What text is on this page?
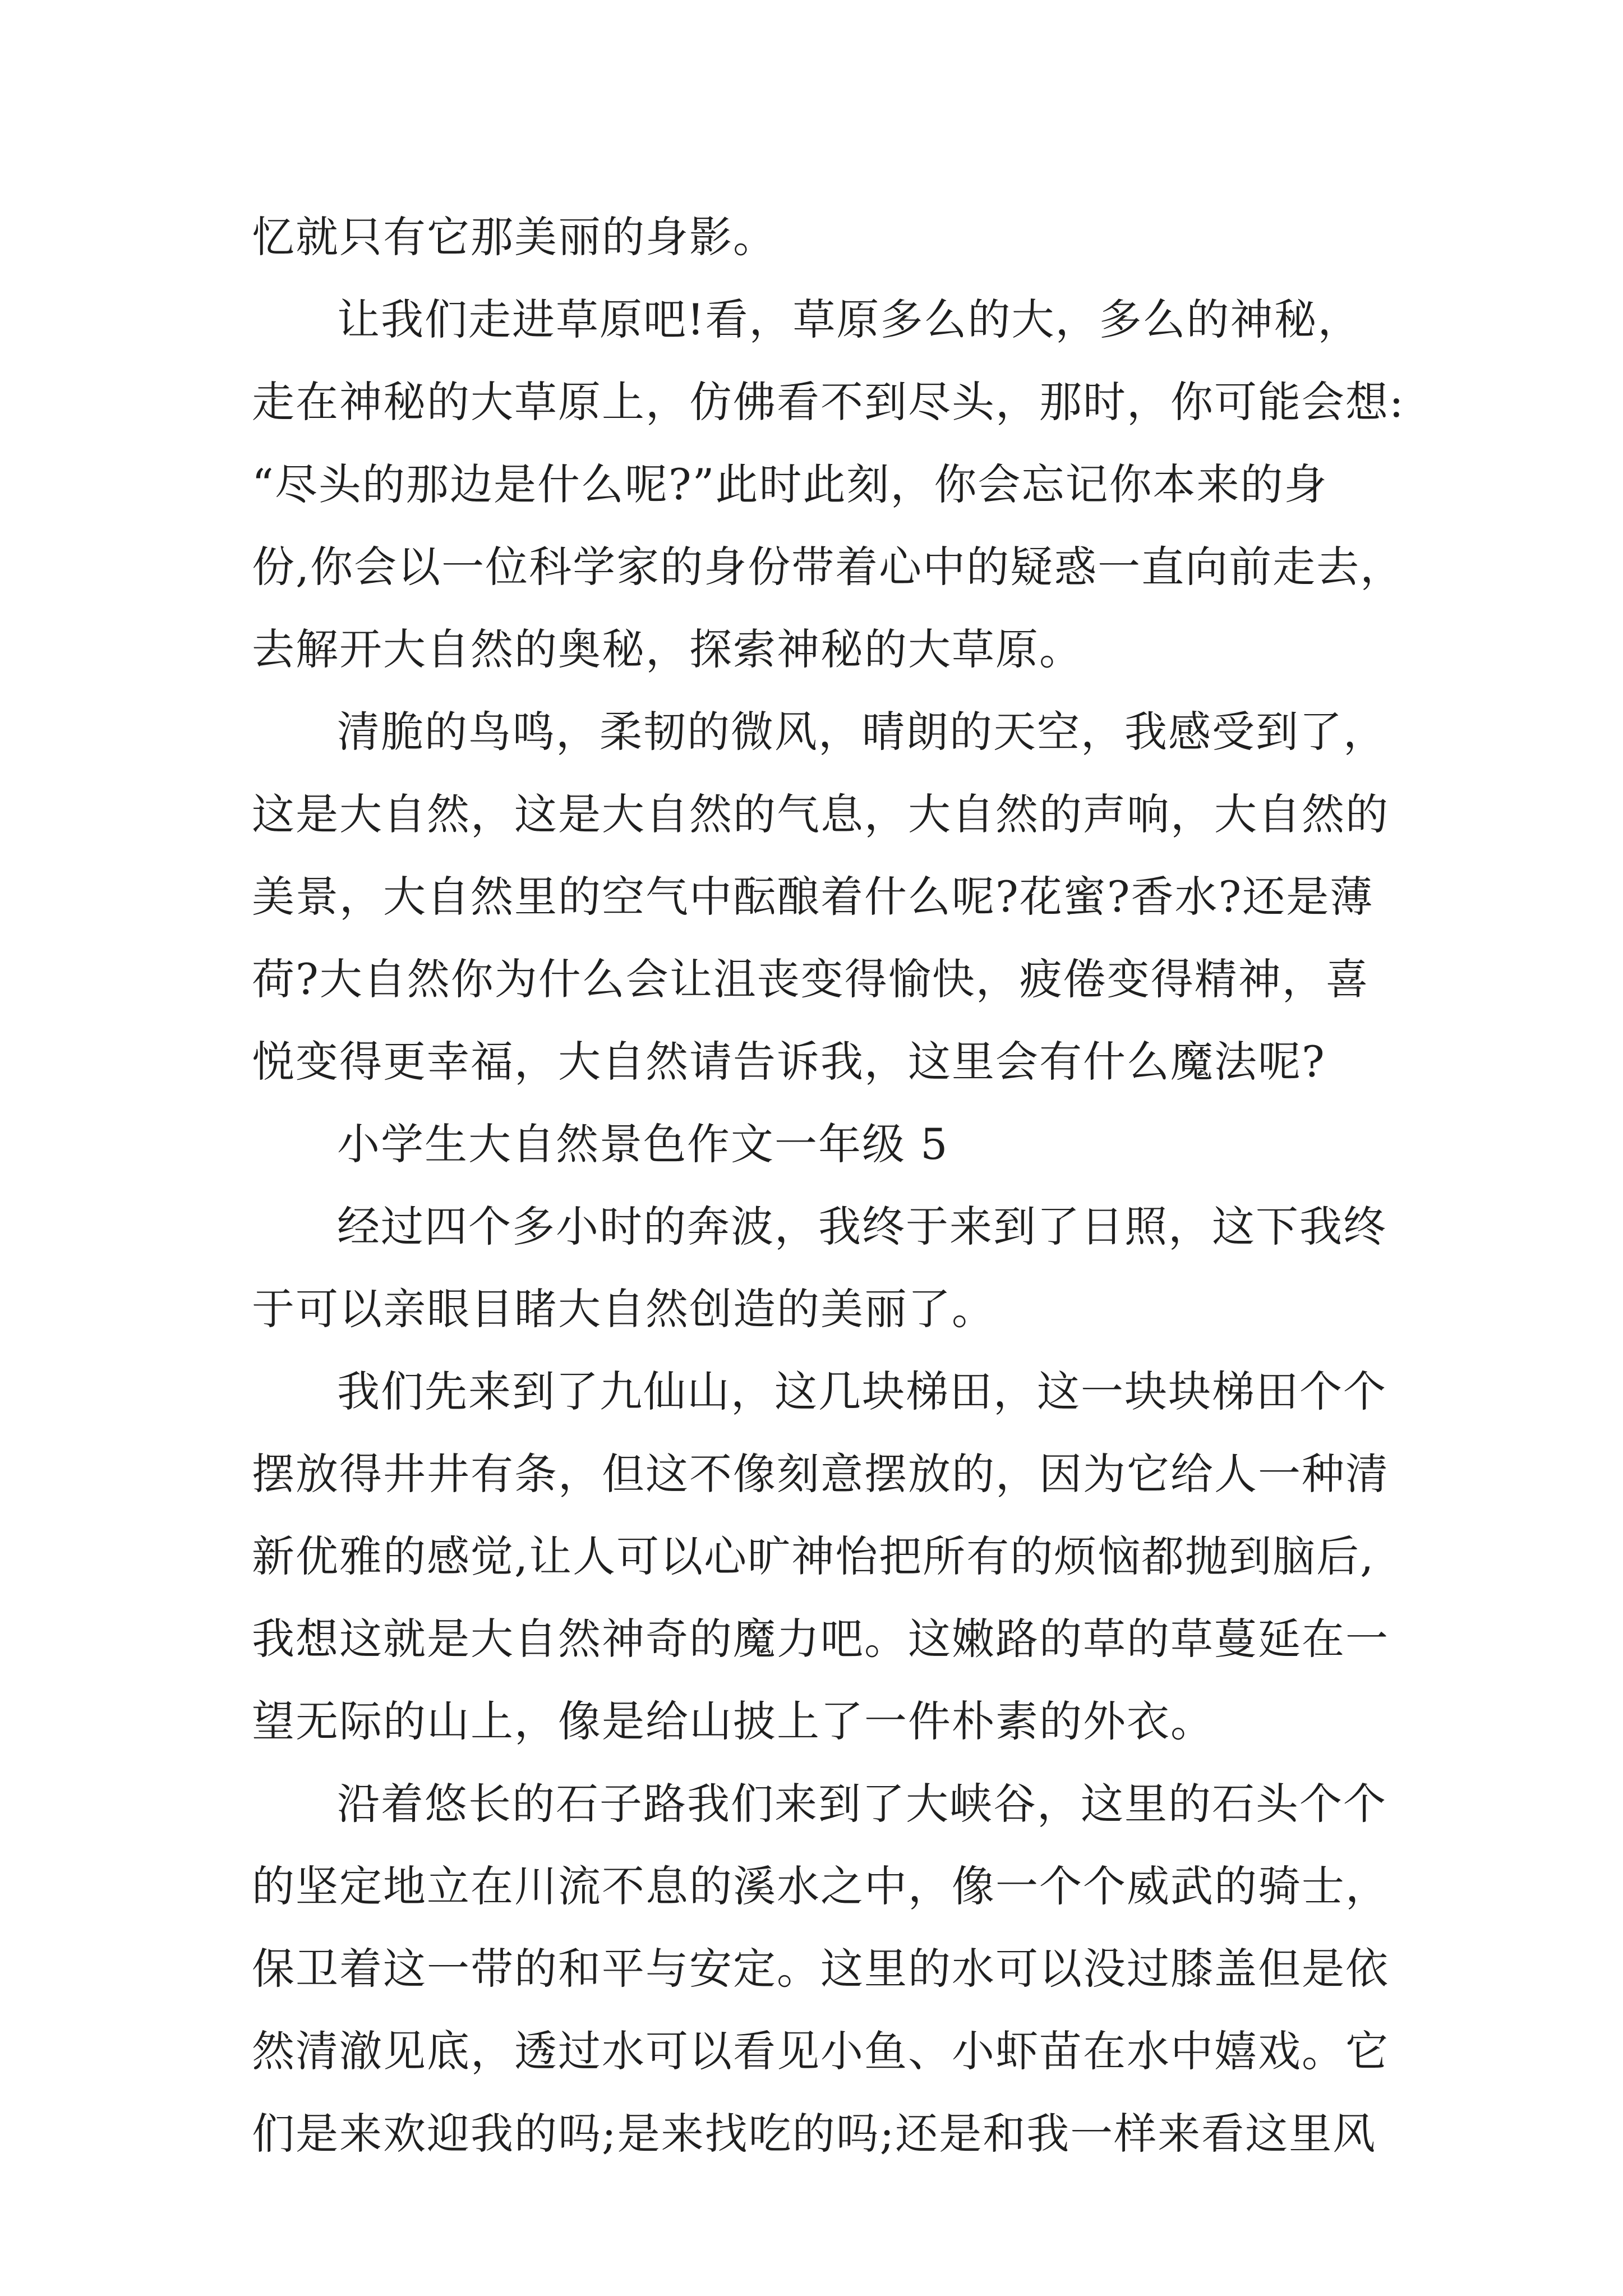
忆就只有它那美丽的身影。
让我们走进草原吧!看，草原多么的大，多么的神秘，
走在神秘的大草原上，仿佛看不到尽头，那时，你可能会想:
“尽头的那边是什么呢?”此时此刻，你会忘记你本来的身
份,你会以一位科学家的身份带着心中的疑惑一直向前走去，
去解开大自然的奥秘，探索神秘的大草原。
清脆的鸟鸣，柔韧的微风，晴朗的天空，我感受到了，
这是大自然，这是大自然的气息，大自然的声响，大自然的
美景，大自然里的空气中酝酿着什么呢?花蜜?香水?还是薄
荷?大自然你为什么会让沮丧变得愉快，疲倦变得精神，喜
悦变得更幸福，大自然请告诉我，这里会有什么魔法呢?
小学生大自然景色作文一年级 5
经过四个多小时的奔波，我终于来到了日照，这下我终
于可以亲眼目睹大自然创造的美丽了。
我们先来到了九仙山，这几块梯田，这一块块梯田个个
摆放得井井有条，但这不像刻意摆放的，因为它给人一种清
新优雅的感觉,让人可以心旷神怡把所有的烦恼都抛到脑后,
我想这就是大自然神奇的魔力吧。这嫩路的草的草蔓延在一
望无际的山上，像是给山披上了一件朴素的外衣。
沿着悠长的石子路我们来到了大峡谷，这里的石头个个
的坚定地立在川流不息的溪水之中，像一个个威武的骑士，
保卫着这一带的和平与安定。这里的水可以没过膝盖但是依
然清澈见底，透过水可以看见小鱼、小虾苗在水中嬉戏。它
们是来欢迎我的吗;是来找吃的吗;还是和我一样来看这里风
